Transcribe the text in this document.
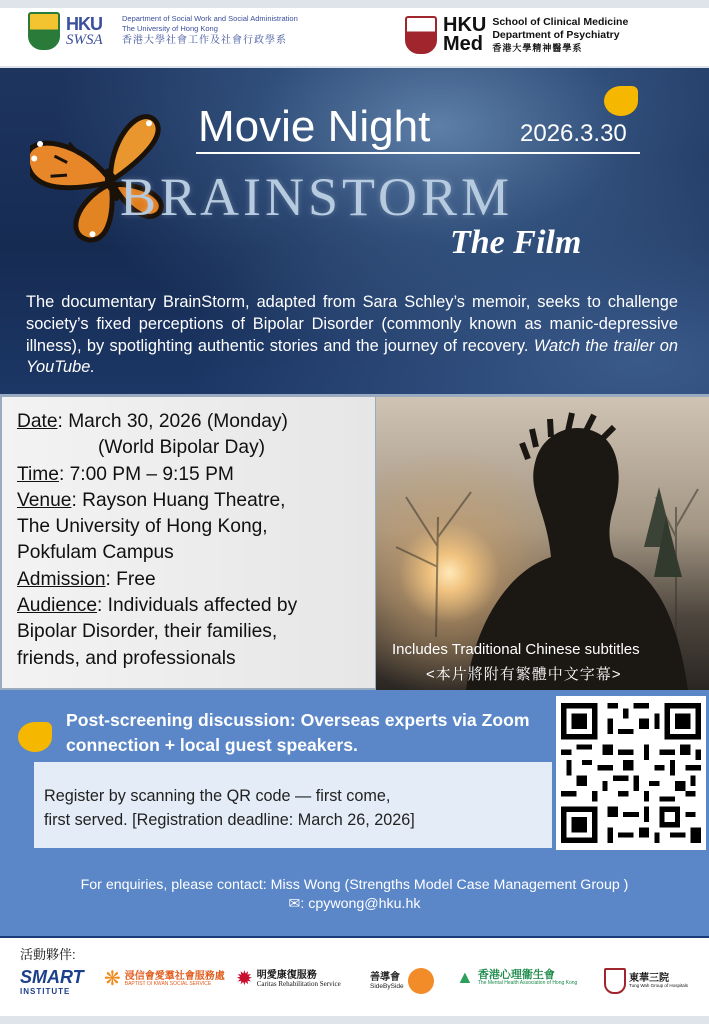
HKU
SWSA
Department of Social Work and Social Administration
The University of Hong Kong
香港大學社會工作及社會行政學系
HKU
Med
School of Clinical Medicine
Department of Psychiatry
香港大學精神醫學系
Movie Night	2026.3.30
BRAINSTORM
The Film

The documentary BrainStorm, adapted from Sara Schley’s memoir, seeks to challenge society’s fixed perceptions of Bipolar Disorder (commonly known as manic-depressive illness), by spotlighting authentic stories and the journey of recovery. Watch the trailer on YouTube.

Date: March 30, 2026 (Monday)

(World Bipolar Day)

Time: 7:00 PM – 9:15 PM

Venue: Rayson Huang Theatre,

The University of Hong Kong,

Pokfulam Campus

Admission: Free

Audience: Individuals affected by

Bipolar Disorder, their families,

friends, and professionals	Includes Traditional Chinese subtitles
<本片將附有繁體中文字幕>
Post-screening discussion: Overseas experts via Zoom connection + local guest speakers.

Register by scanning the QR code — first come,
first served. [Registration deadline: March 26, 2026]

For enquiries, please contact: Miss Wong (Strengths Model Case Management Group )
✉: cpywong@hku.hk
活動夥伴:
SMART
INSTITUTE
❋ 浸信會愛羣社會服務處
BAPTIST OI KWAN SOCIAL SERVICE	✹ 明愛康復服務
Caritas Rehabilitation Service
善導會
SideBySide	▲ 香港心理衞生會
The Mental Health Association of Hong Kong	東華三院
Tung Wah Group of Hospitals
